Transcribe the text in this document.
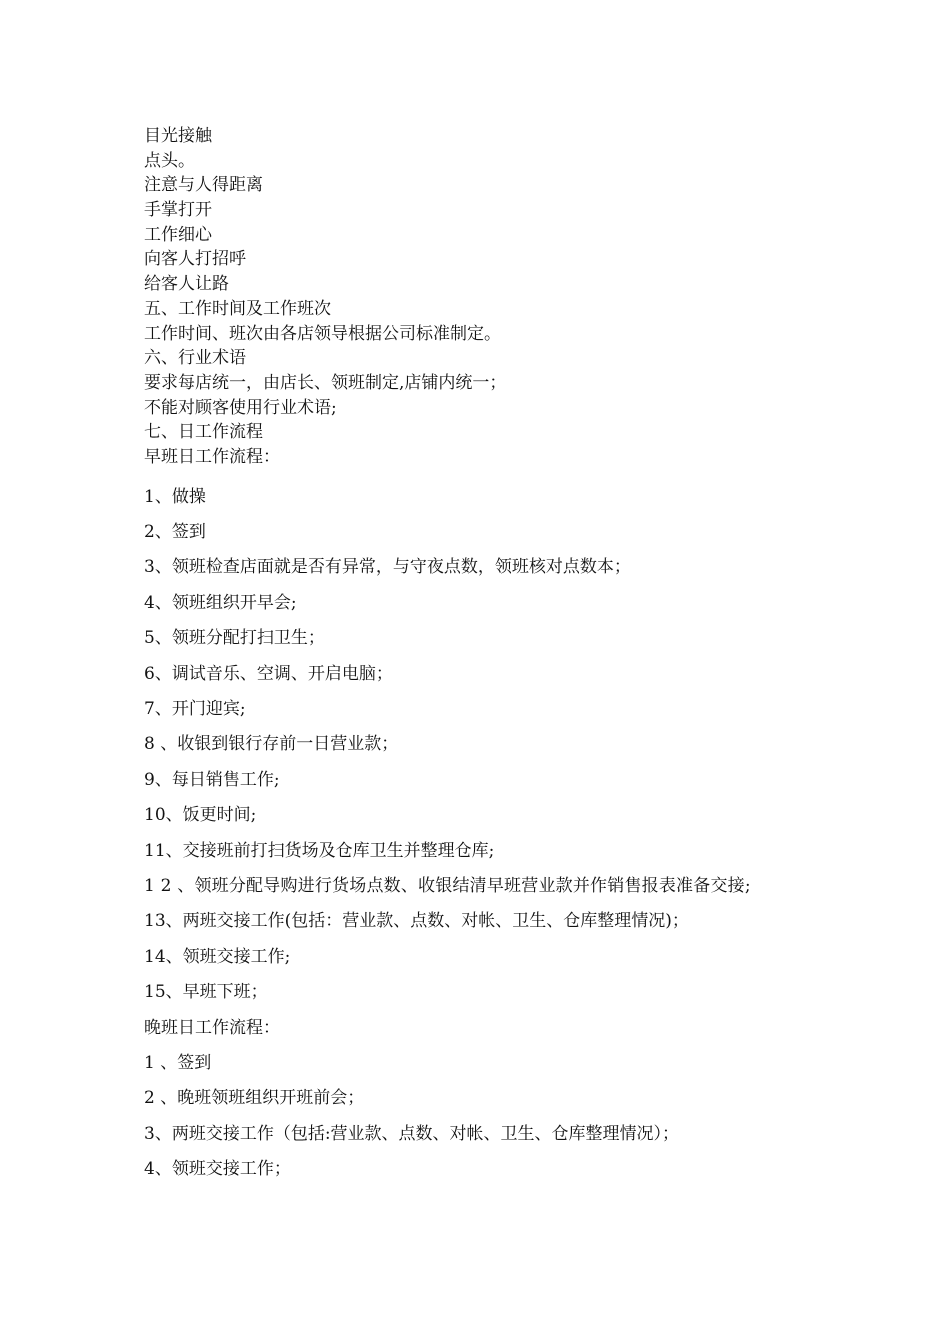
目光接触
点头。
注意与人得距离
手掌打开
工作细心
向客人打招呼
给客人让路
五、工作时间及工作班次
工作时间、班次由各店领导根据公司标准制定。
六、行业术语
要求每店统一，由店长、领班制定,店铺内统一；
不能对顾客使用行业术语;
七、日工作流程
早班日工作流程：
1、做操
2、签到
3、领班检查店面就是否有异常，与守夜点数，领班核对点数本；
4、领班组织开早会;
5、领班分配打扫卫生；
6、调试音乐、空调、开启电脑；
7、开门迎宾;
8 、收银到银行存前一日营业款；
9、每日销售工作;
10、饭更时间;
11、交接班前打扫货场及仓库卫生并整理仓库;
1 2 、领班分配导购进行货场点数、收银结清早班营业款并作销售报表准备交接;
13、两班交接工作(包括：营业款、点数、对帐、卫生、仓库整理情况)；
14、领班交接工作;
15、早班下班；
晚班日工作流程：
1 、签到
2 、晚班领班组织开班前会；
3、两班交接工作（包括:营业款、点数、对帐、卫生、仓库整理情况）；
4、领班交接工作；
